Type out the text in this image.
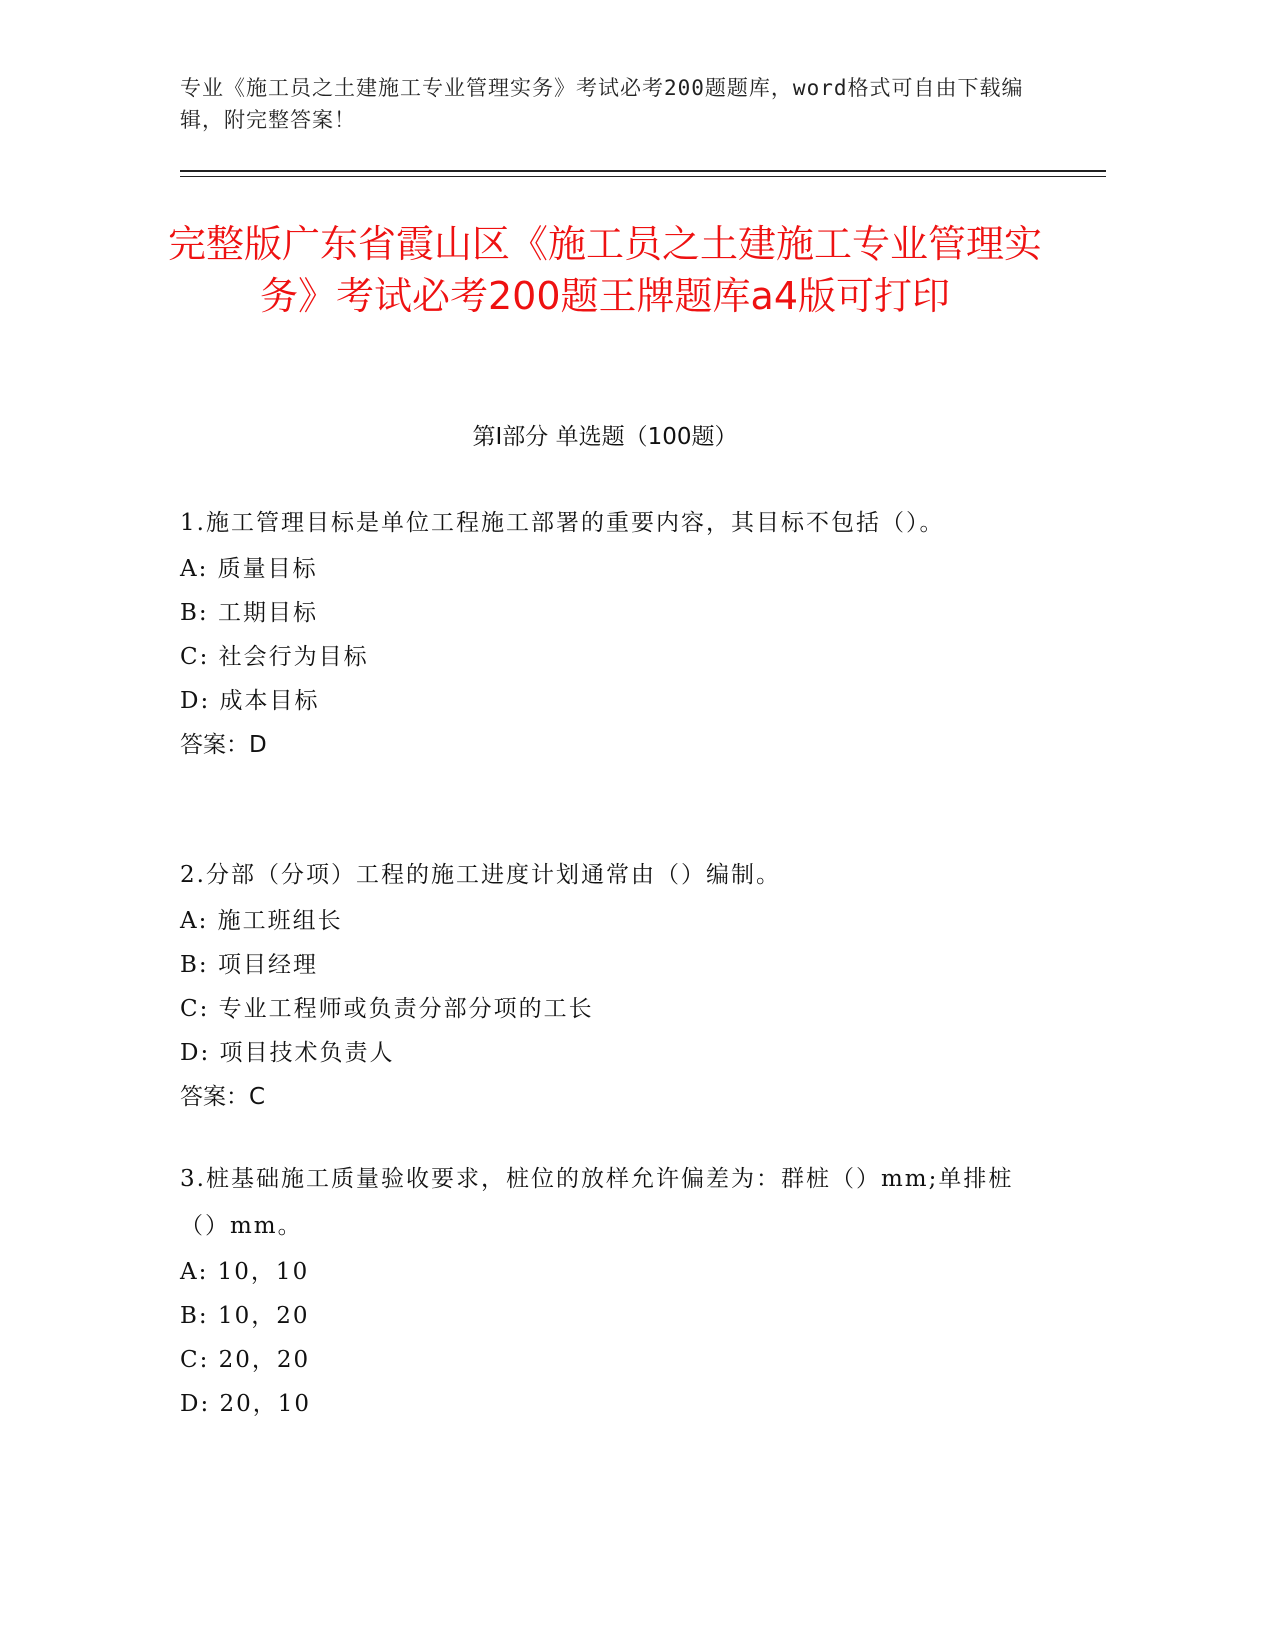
专业《施工员之土建施工专业管理实务》考试必考200题题库，word格式可自由下载编辑，附完整答案！
完整版广东省霞山区《施工员之土建施工专业管理实务》考试必考200题王牌题库a4版可打印
第Ⅰ部分 单选题（100题）

1.施工管理目标是单位工程施工部署的重要内容，其目标不包括（）。

A: 质量目标

B: 工期目标

C: 社会行为目标

D: 成本目标

答案：D

2.分部（分项）工程的施工进度计划通常由（）编制。

A: 施工班组长

B: 项目经理

C: 专业工程师或负责分部分项的工长

D: 项目技术负责人

答案：C

3.桩基础施工质量验收要求，桩位的放样允许偏差为：群桩（）mm;单排桩（）mm。

A: 10，10

B: 10，20

C: 20，20

D: 20，10
